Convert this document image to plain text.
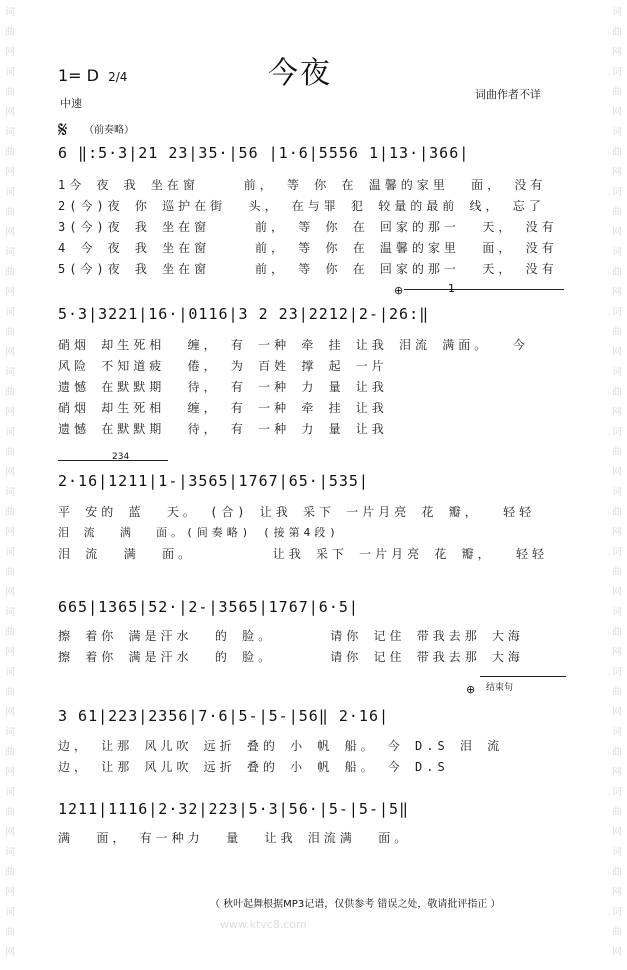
词
曲
网
词
曲
网
词
曲
网
词
曲
网
词
曲
网
词
曲
网
词
曲
网
词
曲
网
词
曲
网
词
曲
网
词
曲
网
词
曲
网
词
曲
网
词
曲
网
词
曲
网
词
曲
网
词
曲
网
词
曲
网
词
曲
网
词
曲
网
词
曲
网
词
曲
网
词
曲
网
词
曲
网
词
曲
网
词
曲
网
词
曲
网
词
曲
网
词
曲
网
词
曲
网
词
曲
网
词
曲
网
今夜
1= D 2/4
中速
词曲作者不详
𝄋 （前奏略）
6 ‖:5·3|21 23|35·|56 |1·6|5556 1|13·|366|
1今 夜 我 坐在窗    前， 等 你 在 温馨的家里  面， 没有
2(今)夜 你 巡护在街  头， 在与罪 犯 较量的最前 线， 忘了
3(今)夜 我 坐在窗    前， 等 你 在 回家的那一  天， 没有
4 今 夜 我 坐在窗    前， 等 你 在 温馨的家里  面， 没有
5(今)夜 我 坐在窗    前， 等 你 在 回家的那一  天， 没有
⊕	1
5·3|3221|16·|0116|3 2 23|2212|2-|26:‖
硝烟 却生死相  缠， 有 一种 牵 挂 让我 泪流 满面。  今
风险 不知道疲  倦， 为 百姓 撑 起 一片
遗憾 在默默期  待， 有 一种 力 量 让我
硝烟 却生死相  缠， 有 一种 牵 挂 让我
遗憾 在默默期  待， 有 一种 力 量 让我
234
2·16|1211|1-|3565|1767|65·|535|
平 安的 蓝  天。 (合) 让我 采下 一片月亮 花 瓣，  轻轻
泪 流  满  面。(间奏略) (接第4段)
泪 流  满  面。       让我 采下 一片月亮 花 瓣，  轻轻
665|1365|52·|2-|3565|1767|6·5|
擦 着你 满是汗水  的 脸。     请你 记住 带我去那 大海
擦 着你 满是汗水  的 脸。     请你 记住 带我去那 大海
⊕ 结束句
3 61|223|2356|7·6|5-|5-|56‖ 2·16|
边， 让那 风儿吹 远折 叠的 小 帆 船。 今 D.S 泪 流
边， 让那 风儿吹 远折 叠的 小 帆 船。 今 D.S
1211|1116|2·32|223|5·3|56·|5-|5-|5‖
满  面， 有一种力  量  让我 泪流满  面。
（ 秋叶起舞根据MP3记谱，仅供参考 错误之处，敬请批评指正 ）
www.ktvc8.com
